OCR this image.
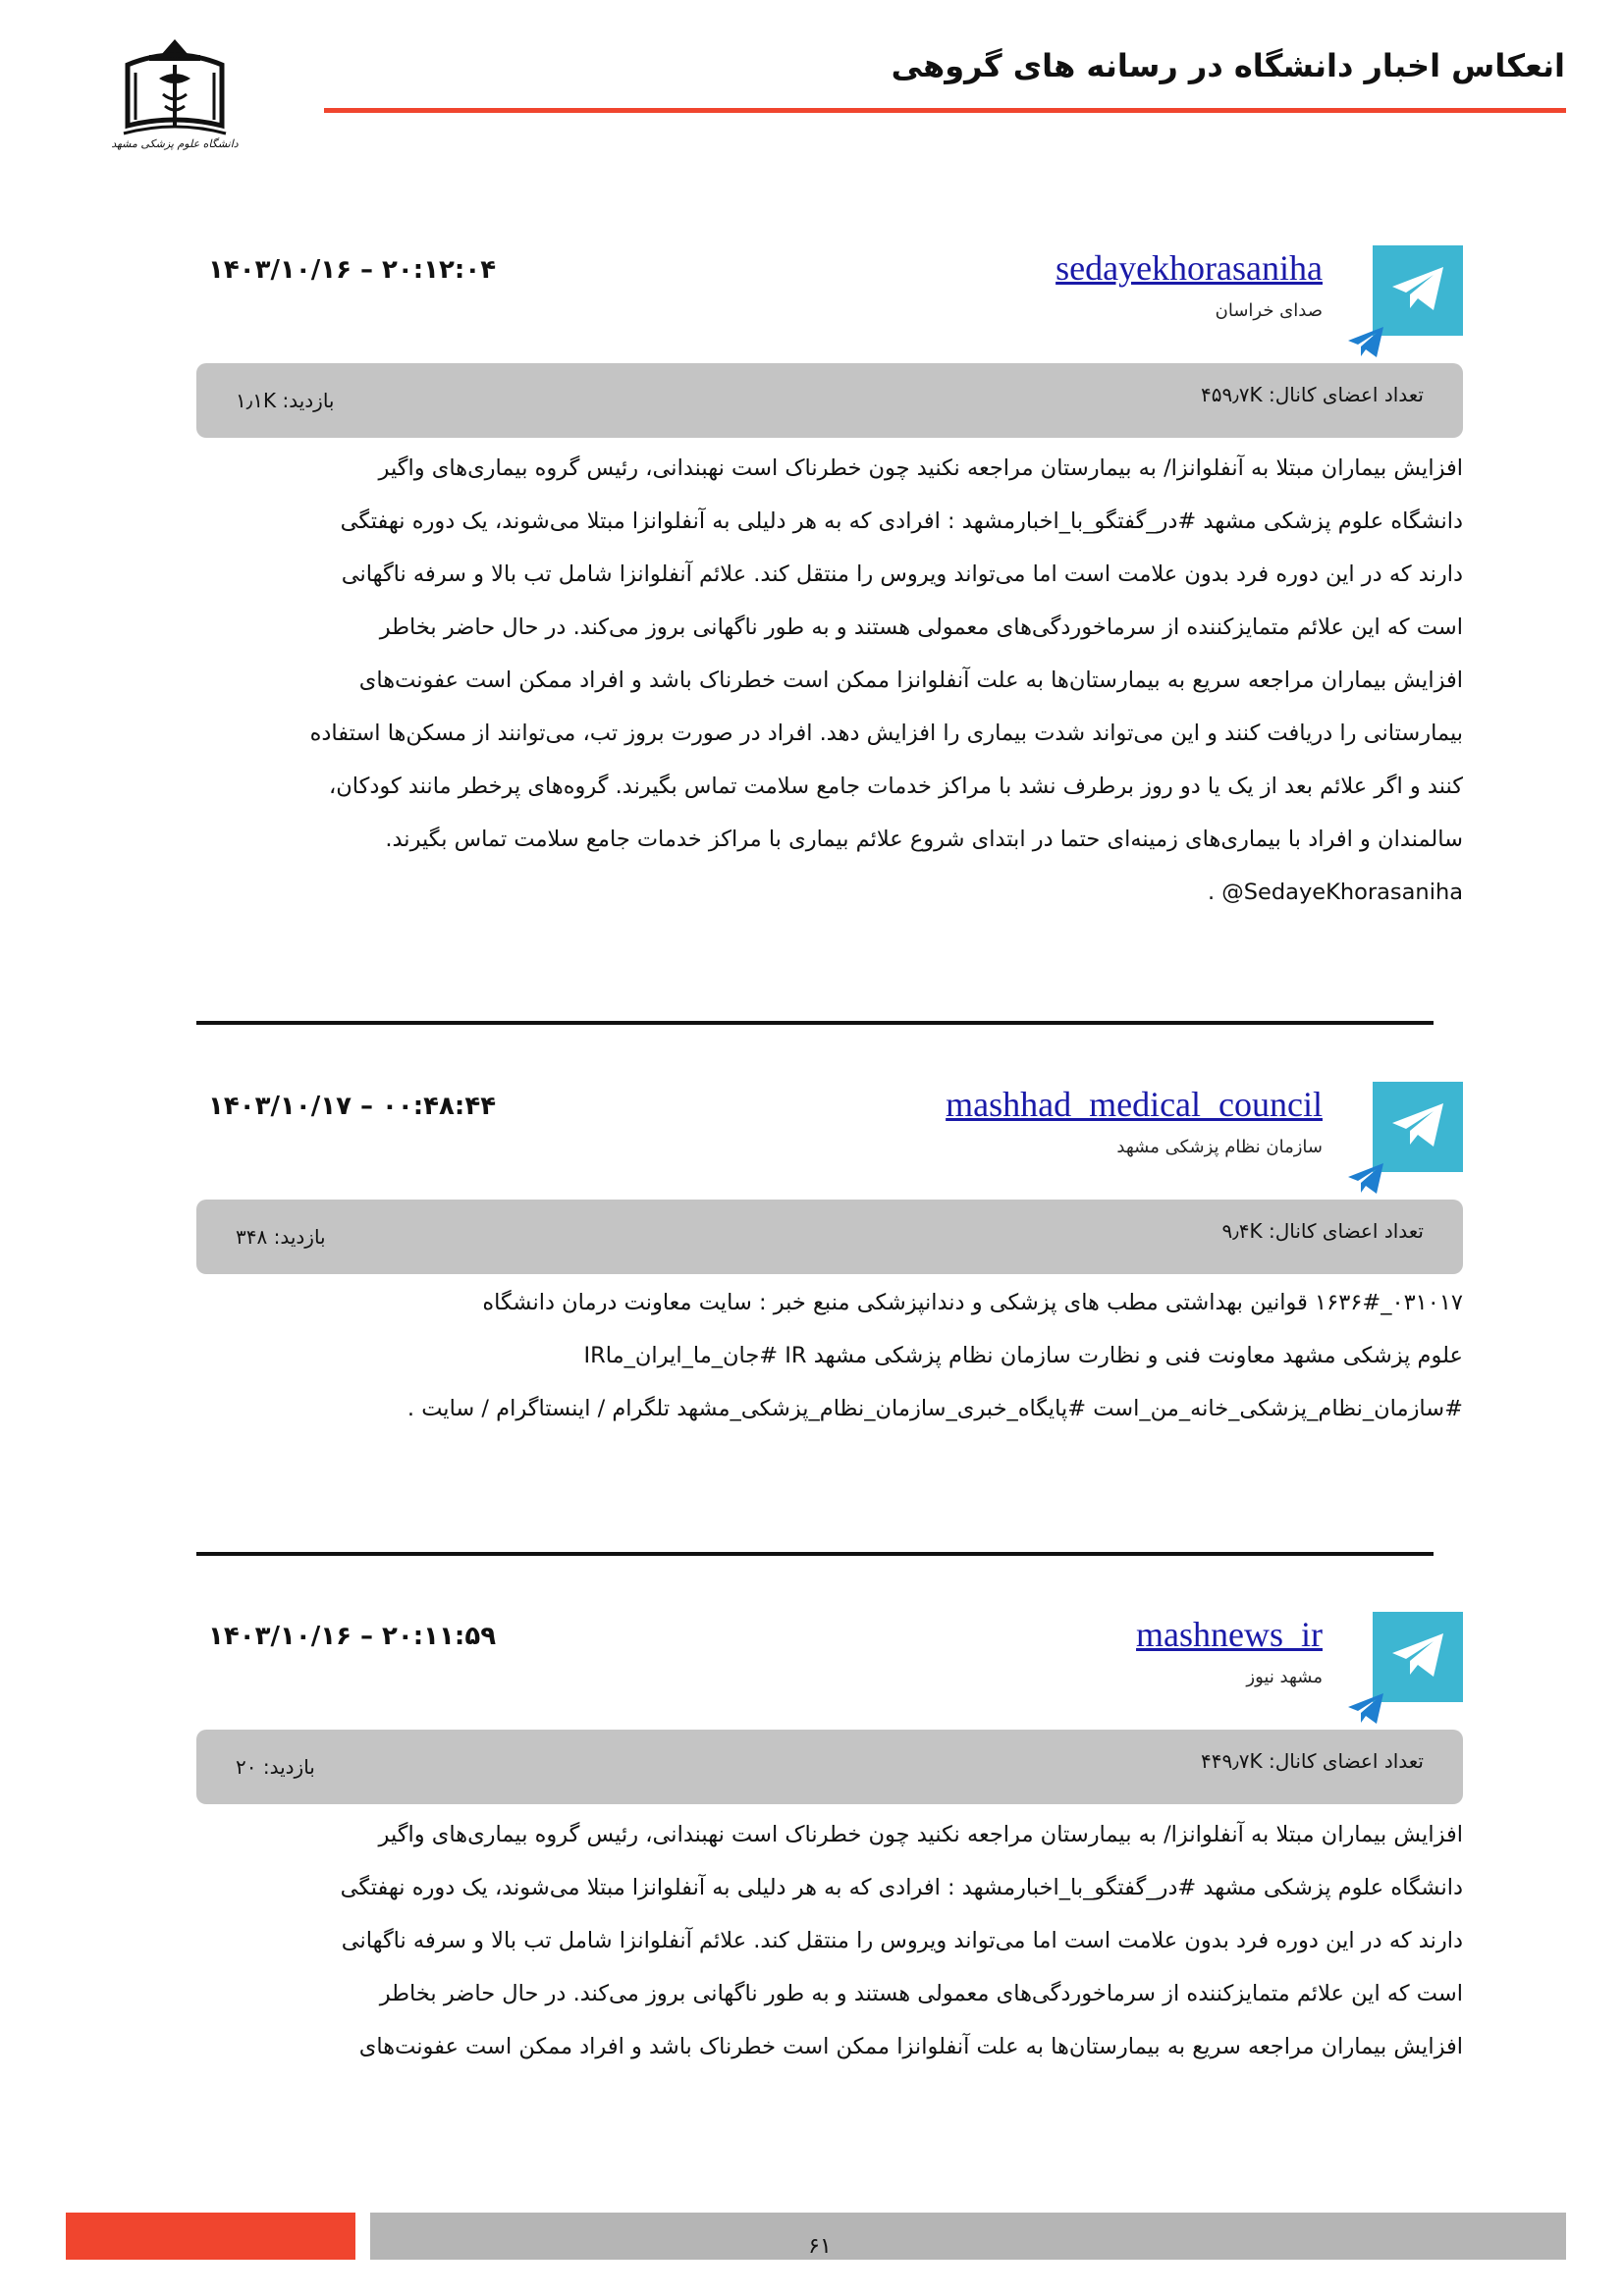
انعکاس اخبار دانشگاه در رسانه های گروهی
دانشگاه علوم پزشکی مشهد
sedayekhorasaniha
صدای خراسان
۱۴۰۳/۱۰/۱۶ – ۲۰:۱۲:۰۴
تعداد اعضای کانال: ۴۵۹٫۷K
بازدید: ۱٫۱K
افزایش بیماران مبتلا به آنفلوانزا/ به بیمارستان مراجعه نکنید چون خطرناک است نهبندانی، رئیس گروه بیماری‌های واگیر
دانشگاه علوم پزشکی مشهد #در_گفتگو_با_اخبارمشهد : افرادی که به هر دلیلی به آنفلوانزا مبتلا می‌شوند، یک دوره نهفتگی
دارند که در این دوره فرد بدون علامت است اما می‌تواند ویروس را منتقل کند. علائم آنفلوانزا شامل تب بالا و سرفه ناگهانی
است که این علائم متمایزکننده از سرماخوردگی‌های معمولی هستند و به طور ناگهانی بروز می‌کند. در حال حاضر بخاطر
افزایش بیماران مراجعه سریع به بیمارستان‌ها به علت آنفلوانزا ممکن است خطرناک باشد و افراد ممکن است عفونت‌های
بیمارستانی را دریافت کنند و این می‌تواند شدت بیماری را افزایش دهد. افراد در صورت بروز تب، می‌توانند از مسکن‌ها استفاده
کنند و اگر علائم بعد از یک یا دو روز برطرف نشد با مراکز خدمات جامع سلامت تماس بگیرند. گروه‌های پرخطر مانند کودکان،
سالمندان و افراد با بیماری‌های زمینه‌ای حتما در ابتدای شروع علائم بیماری با مراکز خدمات جامع سلامت تماس بگیرند.
SedayeKhorasaniha@ .
mashhad_medical_council
سازمان نظام پزشکی مشهد
۱۴۰۳/۱۰/۱۷ – ۰۰:۴۸:۴۴
تعداد اعضای کانال: ۹٫۴K
بازدید: ۳۴۸
۰۳۱۰۱۷_۱۶۳۶# قوانین بهداشتی مطب های پزشکی و دندانپزشکی منبع خبر : سایت معاونت درمان دانشگاه
علوم پزشکی مشهد معاونت فنی و نظارت سازمان نظام پزشکی مشهد IR #جان_ما_ایران_ماIR
#سازمان_نظام_پزشکی_خانه_من_است #پایگاه_خبری_سازمان_نظام_پزشکی_مشهد تلگرام / اینستاگرام / سایت .
mashnews_ir
مشهد نیوز
۱۴۰۳/۱۰/۱۶ – ۲۰:۱۱:۵۹
تعداد اعضای کانال: ۴۴۹٫۷K
بازدید: ۲۰
افزایش بیماران مبتلا به آنفلوانزا/ به بیمارستان مراجعه نکنید چون خطرناک است نهبندانی، رئیس گروه بیماری‌های واگیر
دانشگاه علوم پزشکی مشهد #در_گفتگو_با_اخبارمشهد : افرادی که به هر دلیلی به آنفلوانزا مبتلا می‌شوند، یک دوره نهفتگی
دارند که در این دوره فرد بدون علامت است اما می‌تواند ویروس را منتقل کند. علائم آنفلوانزا شامل تب بالا و سرفه ناگهانی
است که این علائم متمایزکننده از سرماخوردگی‌های معمولی هستند و به طور ناگهانی بروز می‌کند. در حال حاضر بخاطر
افزایش بیماران مراجعه سریع به بیمارستان‌ها به علت آنفلوانزا ممکن است خطرناک باشد و افراد ممکن است عفونت‌های
۶۱
